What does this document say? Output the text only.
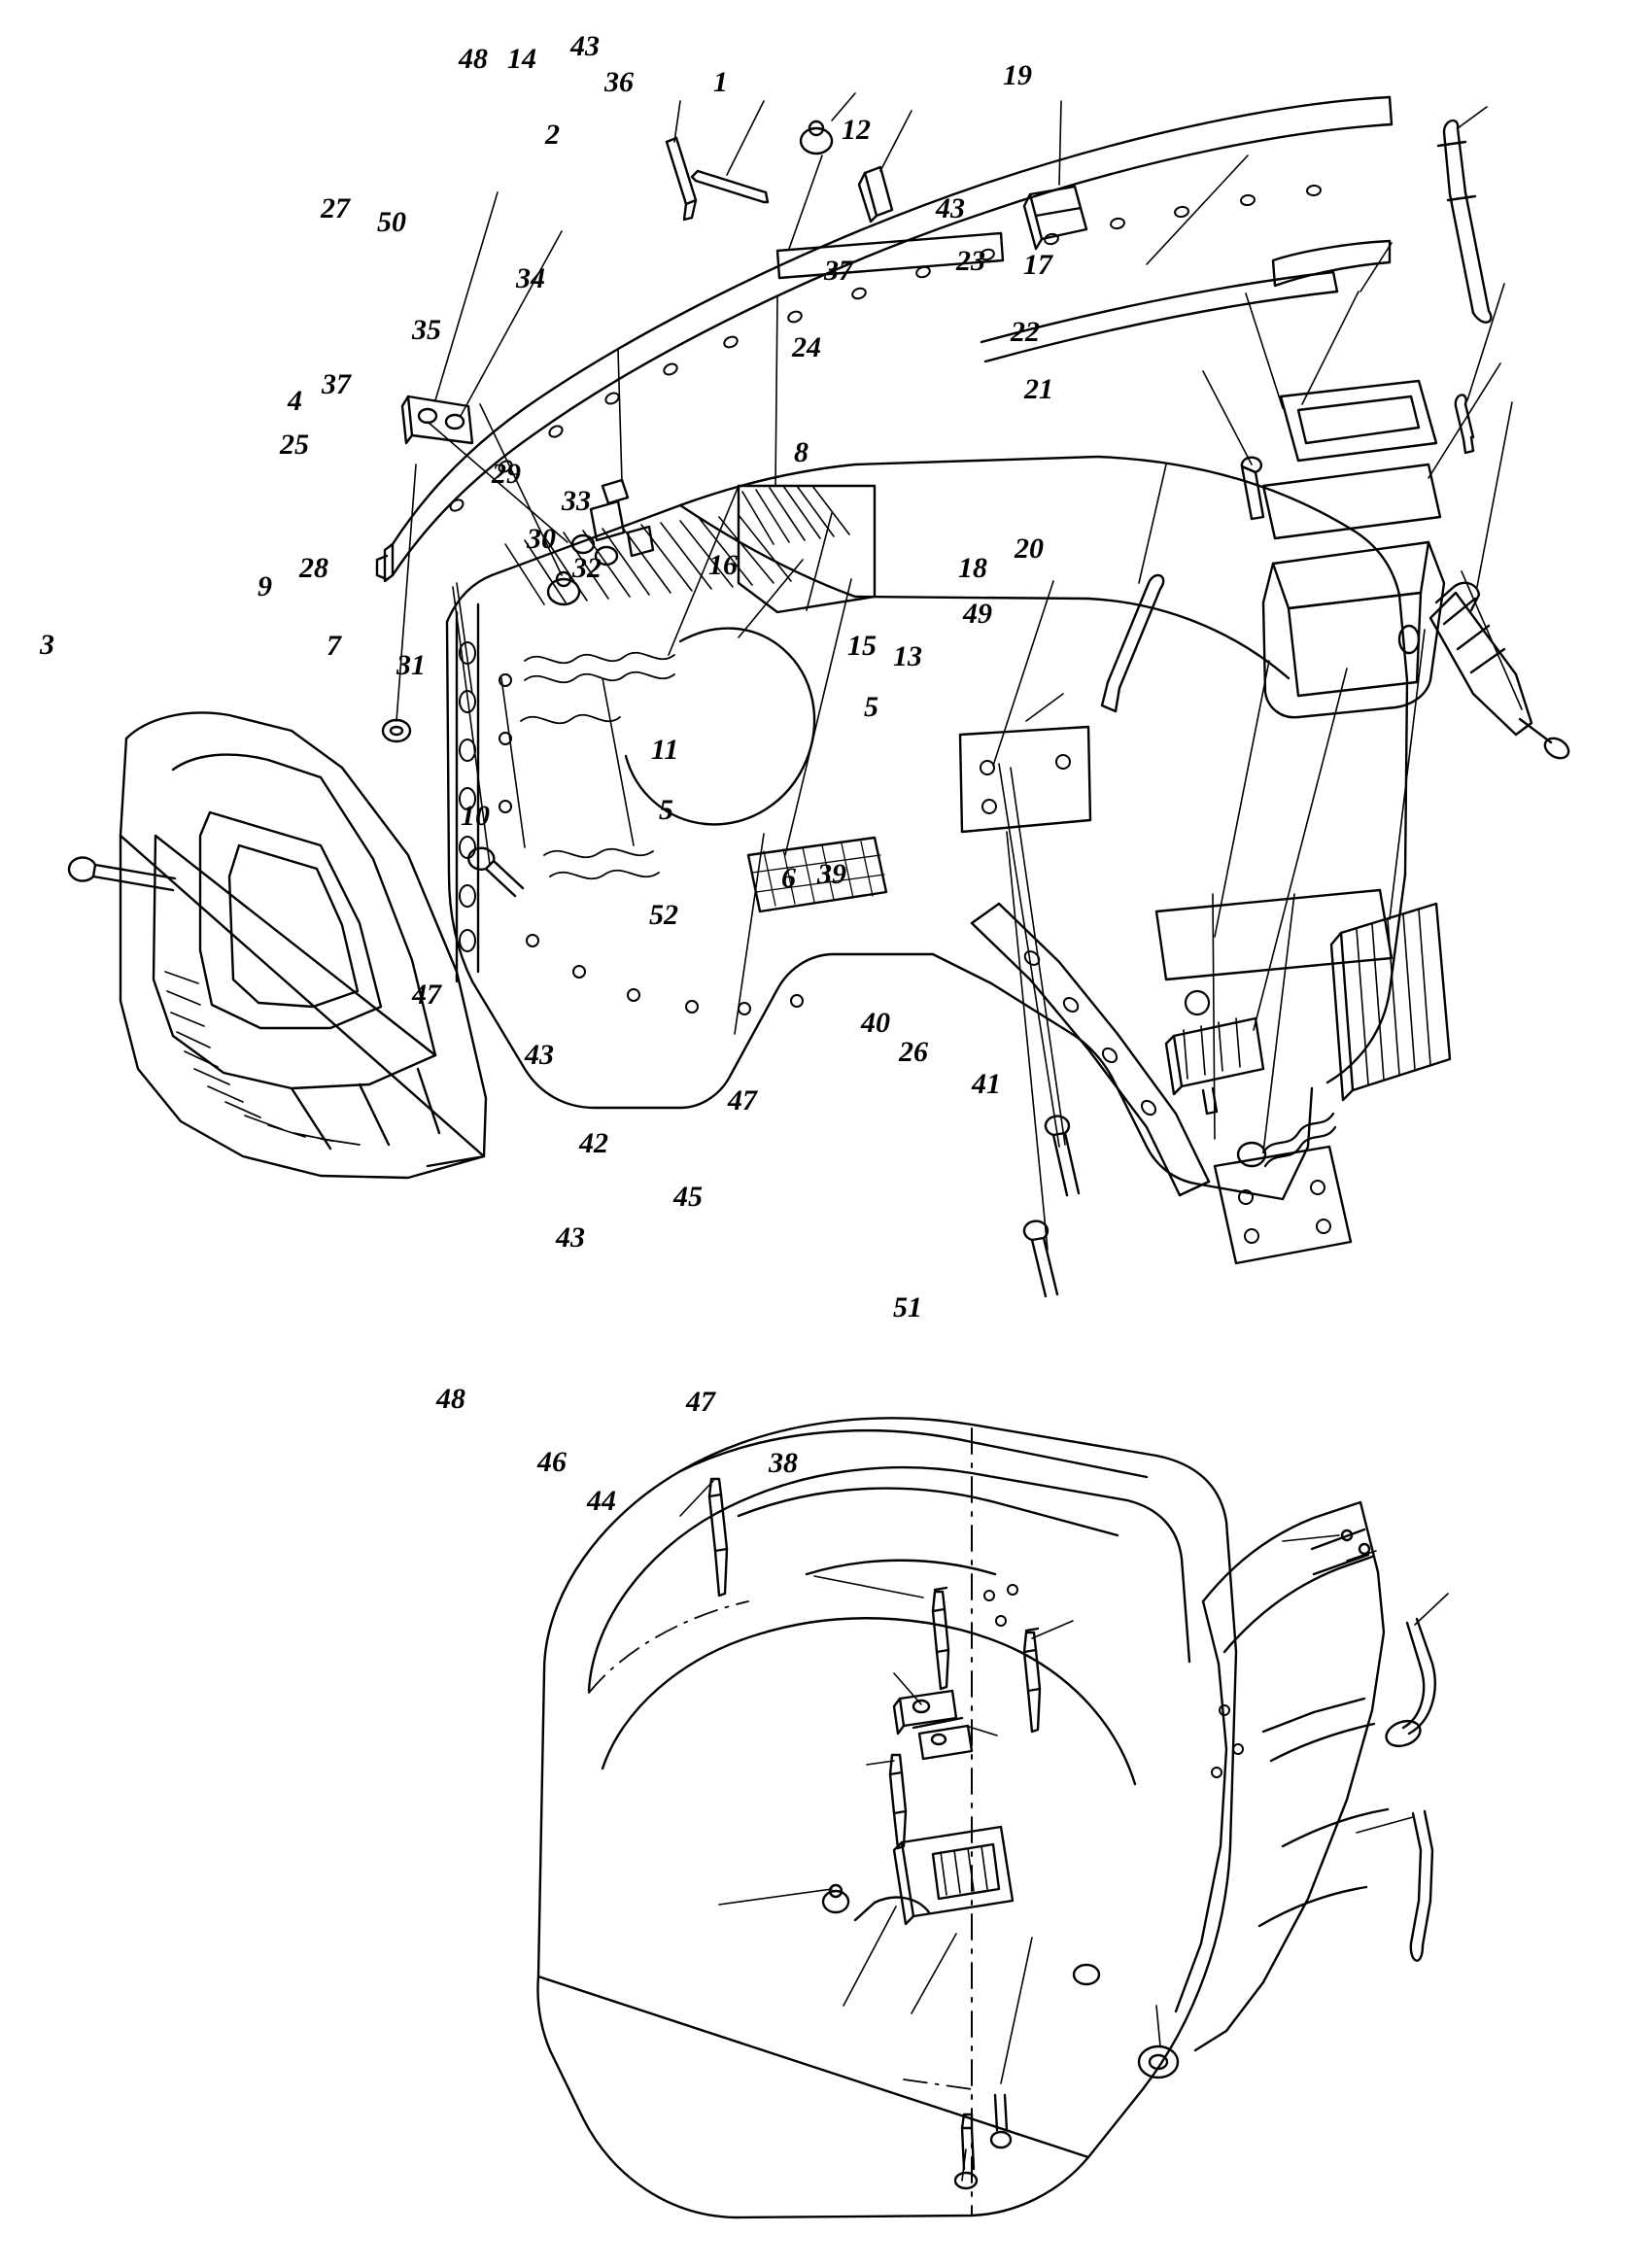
48 14 43
36	1	19
12
2
43
27 50
23 17
37
34
24	22
35
37	21
4
25	8
29
33
20
18
30
32
28
9
16
3	7
31
49
15 13
11
5
5
10
6 39
52
47
40
26
43
41
47
42
45
43
51
48	47
46	38
44
